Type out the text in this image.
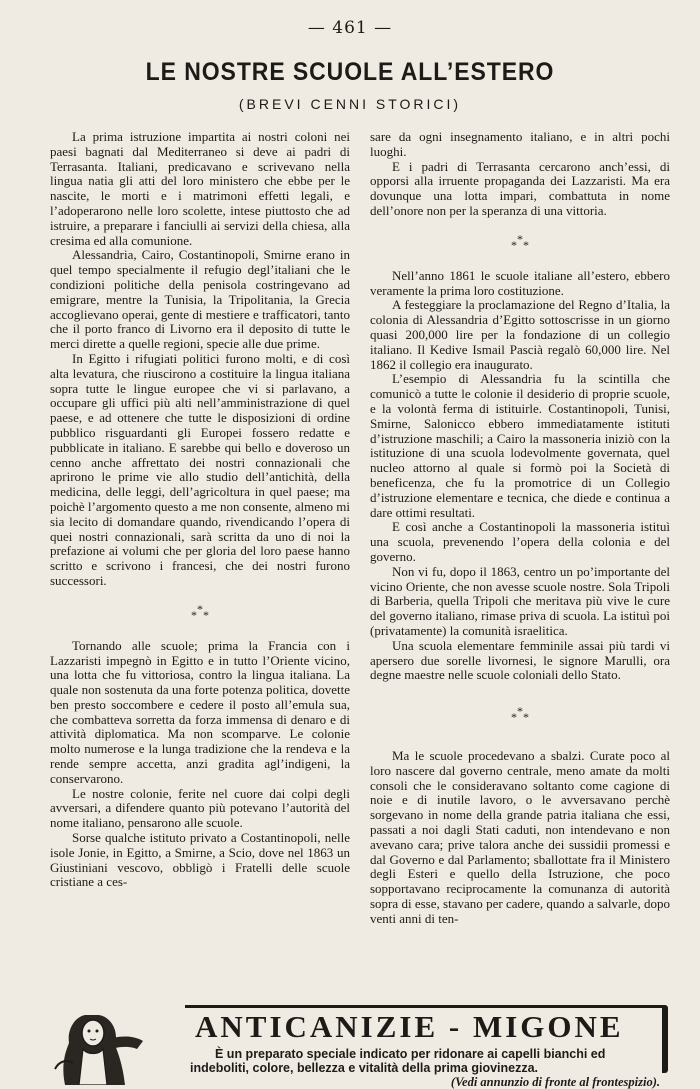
— 461 —
LE NOSTRE SCUOLE ALL’ESTERO
(BREVI CENNI STORICI)

La prima istruzione impartita ai nostri coloni nei paesi bagnati dal Mediterraneo si deve ai padri di Terrasanta. Italiani, predicavano e scrivevano nella lingua natia gli atti del loro ministero che ebbe per le nascite, le morti e i matrimoni effetti legali, e l’adoperarono nelle loro scolette, intese piuttosto che ad istruire, a preparare i fanciulli ai servizi della chiesa, alla cresima ed alla comunione.

Alessandria, Cairo, Costantinopoli, Smirne erano in quel tempo specialmente il refugio degl’italiani che le condizioni politiche della penisola costringevano ad emigrare, mentre la Tunisia, la Tripolitania, la Grecia accoglievano operai, gente di mestiere e trafficatori, tanto che il porto franco di Livorno era il deposito di tutte le merci dirette a quelle regioni, specie alle due prime.

In Egitto i rifugiati politici furono molti, e di così alta levatura, che riuscirono a costituire la lingua italiana sopra tutte le lingue europee che vi si parlavano, a occupare gli uffici più alti nell’amministrazione di quel paese, e ad ottenere che tutte le disposizioni di ordine pubblico risguardanti gli Europei fossero redatte e pubblicate in italiano. E sarebbe qui bello e doveroso un cenno anche affrettato dei nostri connazionali che aprirono le prime vie allo studio dell’antichità, della medicina, delle leggi, dell’agricoltura in quel paese; ma poichè l’argomento questo a me non consente, almeno mi sia lecito di domandare quando, rivendicando l’opera di quei nostri connazionali, sarà scritta da uno di noi la prefazione ai volumi che per gloria del loro paese hanno scritto e scrivono i francesi, che dei nostri furono successori.

***

Tornando alle scuole; prima la Francia con i Lazzaristi impegnò in Egitto e in tutto l’Oriente vicino, una lotta che fu vittoriosa, contro la lingua italiana. La quale non sostenuta da una forte potenza politica, dovette ben presto soccombere e cedere il posto all’emula sua, che combatteva sorretta da forza immensa di denaro e di attività diplomatica. Ma non scomparve. Le colonie molto numerose e la lunga tradizione che la rendeva e la rende sempre accetta, anzi gradita agl’indigeni, la conservarono.

Le nostre colonie, ferite nel cuore dai colpi degli avversari, a difendere quanto più potevano l’autorità del nome italiano, pensarono alle scuole.

Sorse qualche istituto privato a Costantinopoli, nelle isole Jonie, in Egitto, a Smirne, a Scio, dove nel 1863 un Giustiniani vescovo, obbligò i Fratelli delle scuole cristiane a ces-

sare da ogni insegnamento italiano, e in altri pochi luoghi.

E i padri di Terrasanta cercarono anch’essi, di opporsi alla irruente propaganda dei Lazzaristi. Ma era dovunque una lotta impari, combattuta in nome dell’onore non per la speranza di una vittoria.

***

Nell’anno 1861 le scuole italiane all’estero, ebbero veramente la prima loro costituzione.

A festeggiare la proclamazione del Regno d’Italia, la colonia di Alessandria d’Egitto sottoscrisse in un giorno quasi 200,000 lire per la fondazione di un collegio italiano. Il Kedive Ismail Pascià regalò 60,000 lire. Nel 1862 il collegio era inaugurato.

L’esempio di Alessandria fu la scintilla che comunicò a tutte le colonie il desiderio di proprie scuole, e la volontà ferma di istituirle. Costantinopoli, Tunisi, Smirne, Salonicco ebbero immediatamente istituti d’istruzione maschili; a Cairo la massoneria iniziò con la istituzione di una scuola lodevolmente governata, quel nucleo attorno al quale si formò poi la Società di beneficenza, che fu la promotrice di un Collegio d’istruzione elementare e tecnica, che diede e continua a dare ottimi resultati.

E così anche a Costantinopoli la massoneria istituì una scuola, prevenendo l’opera della colonia e del governo.

Non vi fu, dopo il 1863, centro un po’importante del vicino Oriente, che non avesse scuole nostre. Sola Tripoli di Barberia, quella Tripoli che meritava più vive le cure del governo italiano, rimase priva di scuola. La istituì poi (privatamente) la comunità israelitica.

Una scuola elementare femminile assai più tardi vi apersero due sorelle livornesi, le signore Marulli, ora degne maestre nelle scuole coloniali dello Stato.

***

Ma le scuole procedevano a sbalzi. Curate poco al loro nascere dal governo centrale, meno amate da molti consoli che le consideravano soltanto come cagione di noie e di inutile lavoro, o le avversavano perchè sorgevano in nome della grande patria italiana che essi, passati a noi dagli Stati caduti, non intendevano e non avevano cara; prive talora anche dei sussidii promessi e dal Governo e dal Parlamento; sballottate fra il Ministero degli Esteri e quello della Istruzione, che poco sopportavano reciprocamente la comunanza di autorità sopra di esse, stavano per cadere, quando a salvarle, dopo venti anni di ten-

ANTICANIZIE - MIGONE
È un preparato speciale indicato per ridonare ai capelli bianchi ed
indeboliti, colore, bellezza e vitalità della prima giovinezza.
(Vedi annunzio di fronte al frontespizio).
